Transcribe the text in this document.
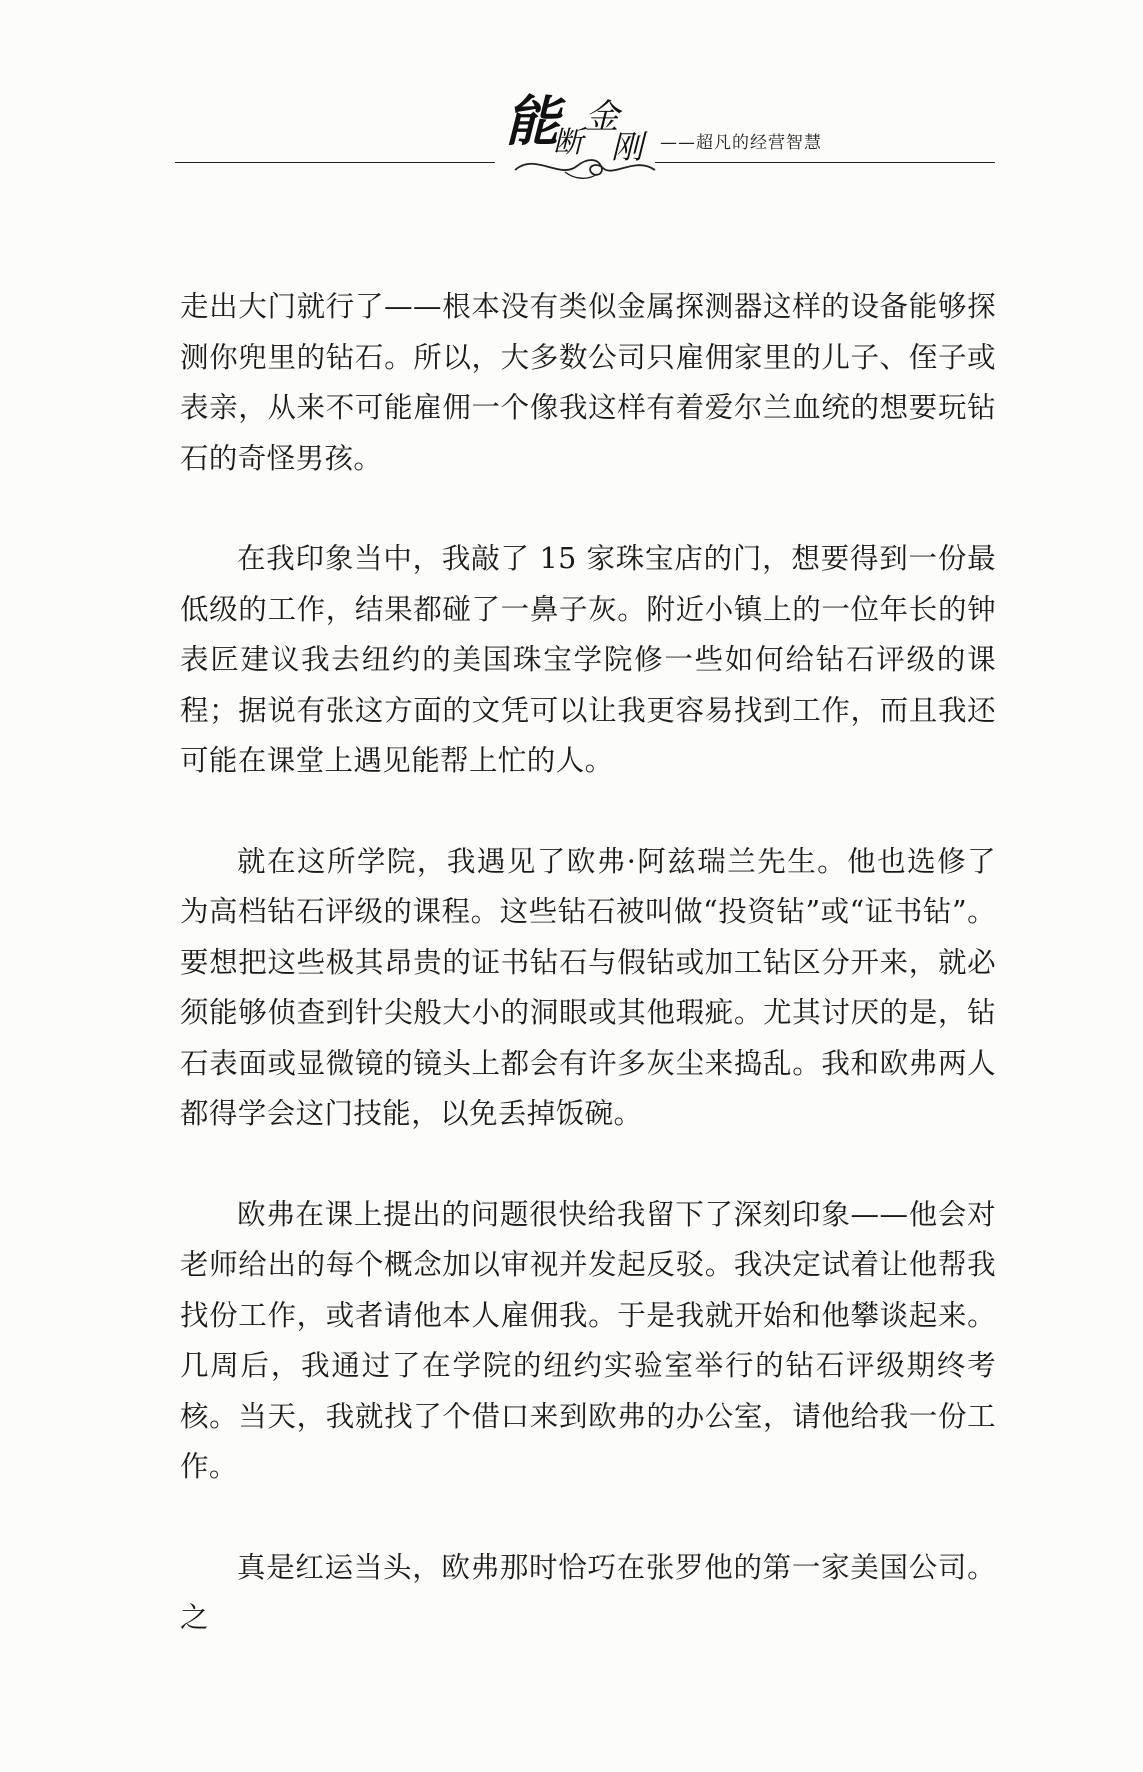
能
断
金
刚 ——超凡的经营智慧

走出大门就行了——根本没有类似金属探测器这样的设备能够探测你兜里的钻石。所以，大多数公司只雇佣家里的儿子、侄子或表亲，从来不可能雇佣一个像我这样有着爱尔兰血统的想要玩钻石的奇怪男孩。

在我印象当中，我敲了 15 家珠宝店的门，想要得到一份最低级的工作，结果都碰了一鼻子灰。附近小镇上的一位年长的钟表匠建议我去纽约的美国珠宝学院修一些如何给钻石评级的课程；据说有张这方面的文凭可以让我更容易找到工作，而且我还可能在课堂上遇见能帮上忙的人。

就在这所学院，我遇见了欧弗·阿兹瑞兰先生。他也选修了为高档钻石评级的课程。这些钻石被叫做“投资钻”或“证书钻”。要想把这些极其昂贵的证书钻石与假钻或加工钻区分开来，就必须能够侦查到针尖般大小的洞眼或其他瑕疵。尤其讨厌的是，钻石表面或显微镜的镜头上都会有许多灰尘来捣乱。我和欧弗两人都得学会这门技能，以免丢掉饭碗。

欧弗在课上提出的问题很快给我留下了深刻印象——他会对老师给出的每个概念加以审视并发起反驳。我决定试着让他帮我找份工作，或者请他本人雇佣我。于是我就开始和他攀谈起来。几周后，我通过了在学院的纽约实验室举行的钻石评级期终考核。当天，我就找了个借口来到欧弗的办公室，请他给我一份工作。

真是红运当头，欧弗那时恰巧在张罗他的第一家美国公司。之
